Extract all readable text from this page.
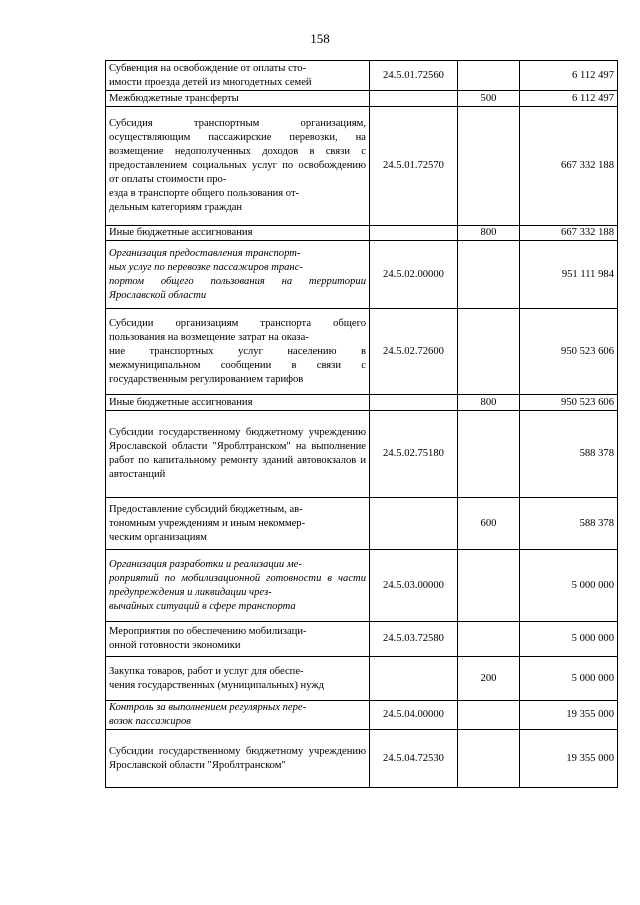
158
Субвенция на освобождение от оплаты сто-
имости проезда детей из многодетных семей	24.5.01.72560		6 112 497

Межбюджетные трансферты		500	6 112 497

Субсидия транспортным организациям, осуществляющим пассажирские перевозки, на возмещение недополученных доходов в связи с предоставлением социальных услуг по освобождению от оплаты стоимости про-
езда в транспорте общего пользования от-
дельным категориям граждан	24.5.01.72570		667 332 188

Иные бюджетные ассигнования		800	667 332 188

Организация предоставления транспорт-
ных услуг по перевозке пассажиров транс-
портом общего пользования на территории Ярославской области	24.5.02.00000		951 111 984

Субсидии организациям транспорта общего пользования на возмещение затрат на оказа-
ние транспортных услуг населению в межмуниципальном сообщении в связи с государственным регулированием тарифов	24.5.02.72600		950 523 606

Иные бюджетные ассигнования		800	950 523 606

Субсидии государственному бюджетному учреждению Ярославской области "Яроблтранском" на выполнение работ по капитальному ремонту зданий автовокзалов и автостанций	24.5.02.75180		588 378

Предоставление субсидий бюджетным, ав-
тономным учреждениям и иным некоммер-
ческим организациям		600	588 378

Организация разработки и реализации ме-
роприятий по мобилизационной готовности в части предупреждения и ликвидации чрез-
вычайных ситуаций в сфере транспорта	24.5.03.00000		5 000 000

Мероприятия по обеспечению мобилизаци-
онной готовности экономики	24.5.03.72580		5 000 000

Закупка товаров, работ и услуг для обеспе-
чения государственных (муниципальных) нужд		200	5 000 000

Контроль за выполнением регулярных пере-
возок пассажиров	24.5.04.00000		19 355 000

Субсидии государственному бюджетному учреждению Ярославской области "Яроблтранском"	24.5.04.72530		19 355 000
